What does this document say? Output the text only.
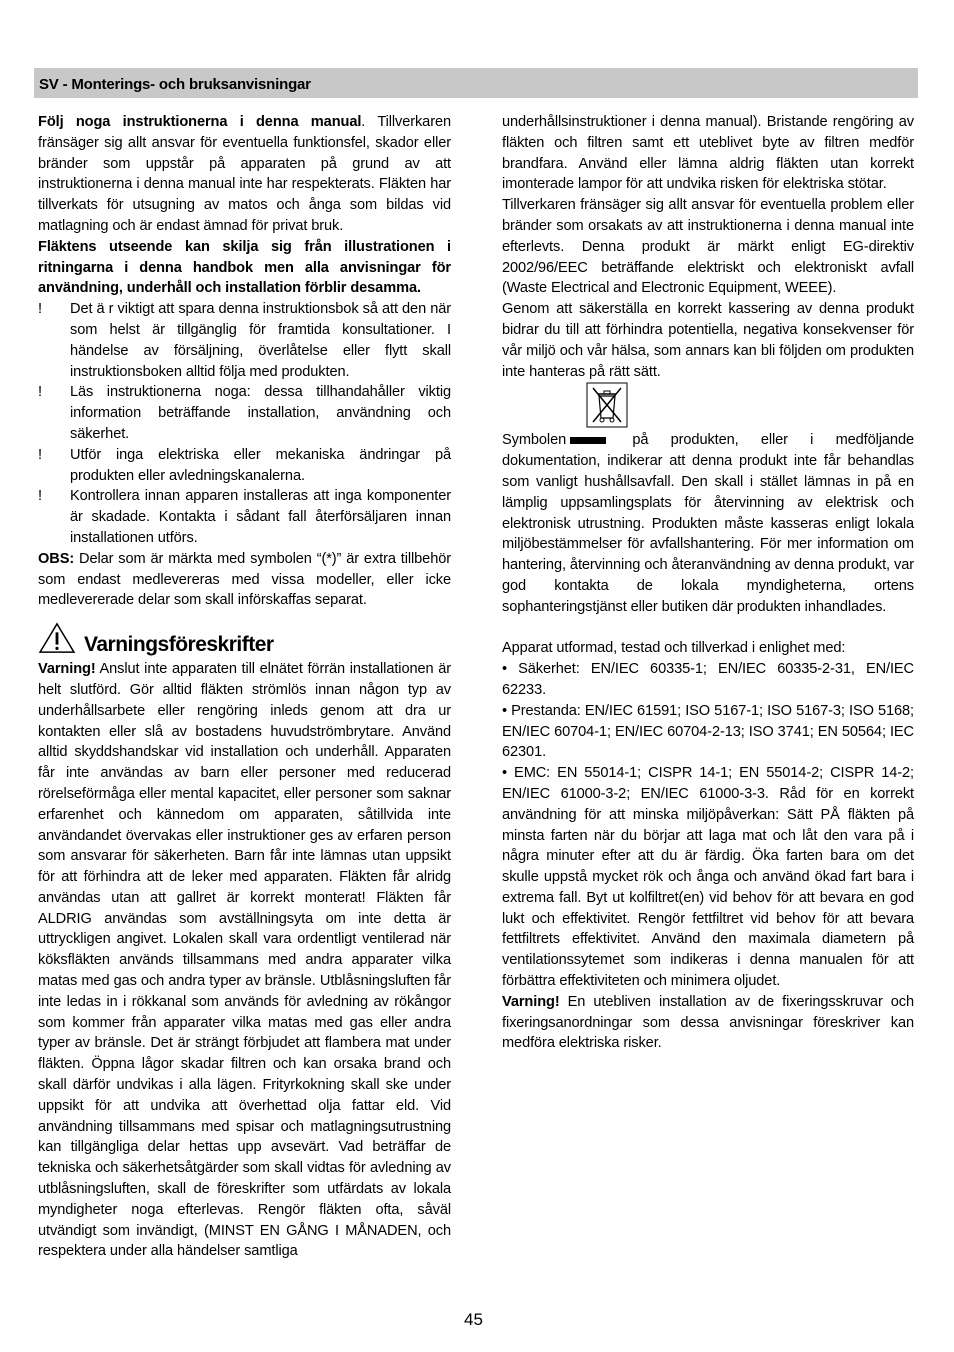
SV - Monterings- och bruksanvisningar

Följ noga instruktionerna i denna manual. Tillverkaren fränsäger sig allt ansvar för eventuella funktionsfel, skador eller bränder som uppstår på apparaten på grund av att instruktionerna i denna manual inte har respekterats. Fläkten har tillverkats för utsugning av matos och ånga som bildas vid matlagning och är endast ämnad för privat bruk.

Fläktens utseende kan skilja sig från illustrationen i ritningarna i denna handbok men alla anvisningar för användning, underhåll och installation förblir desamma.

!	Det ä r viktigt att spara denna instruktionsbok så att den när som helst är tillgänglig för framtida konsultationer. I händelse av försäljning, överlåtelse eller flytt skall instruktionsboken alltid följa med produkten.
!	Läs instruktionerna noga: dessa tillhandahåller viktig information beträffande installation, användning och säkerhet.
!	Utför inga elektriska eller mekaniska ändringar på produkten eller avledningskanalerna.
!	Kontrollera innan apparen installeras att inga komponenter är skadade. Kontakta i sådant fall återförsäljaren innan installationen utförs.

OBS: Delar som är märkta med symbolen “(*)” är extra tillbehör som endast medlevereras med vissa modeller, eller icke medlevererade delar som skall införskaffas separat.

Varningsföreskrifter

Varning! Anslut inte apparaten till elnätet förrän installationen är helt slutförd. Gör alltid fläkten strömlös innan någon typ av underhållsarbete eller rengöring inleds genom att dra ur kontakten eller slå av bostadens huvudströmbrytare. Använd alltid skyddshandskar vid installation och underhåll. Apparaten får inte användas av barn eller personer med reducerad rörelseförmåga eller mental kapacitet, eller personer som saknar erfarenhet och kännedom om apparaten, såtillvida inte användandet övervakas eller instruktioner ges av erfaren person som ansvarar för säkerheten. Barn får inte lämnas utan uppsikt för att förhindra att de leker med apparaten. Fläkten får alridg användas utan att gallret är korrekt monterat! Fläkten får ALDRIG användas som avställningsyta om inte detta är uttryckligen angivet. Lokalen skall vara ordentligt ventilerad när köksfläkten används tillsammans med andra apparater vilka matas med gas och andra typer av bränsle. Utblåsningsluften får inte ledas in i rökkanal som används för avledning av rökångor som kommer från apparater vilka matas med gas eller andra typer av bränsle. Det är strängt förbjudet att flambera mat under fläkten. Öppna lågor skadar filtren och kan orsaka brand och skall därför undvikas i alla lägen. Frityrkokning skall ske under uppsikt för att undvika att överhettad olja fattar eld. Vid användning tillsammans med spisar och matlagningsutrustning kan tillgängliga delar hettas upp avsevärt. Vad beträffar de tekniska och säkerhetsåtgärder som skall vidtas för avledning av utblåsningsluften, skall de föreskrifter som utfärdats av lokala myndigheter noga efterlevas. Rengör fläkten ofta, såväl utvändigt som invändigt, (MINST EN GÅNG I MÅNADEN, och respektera under alla händelser samtliga

underhållsinstruktioner i denna manual). Bristande rengöring av fläkten och filtren samt ett uteblivet byte av filtren medför brandfara. Använd eller lämna aldrig fläkten utan korrekt imonterade lampor för att undvika risken för elektriska stötar.

Tillverkaren fränsäger sig allt ansvar för eventuella problem eller bränder som orsakats av att instruktionerna i denna manual inte efterlevts. Denna produkt är märkt enligt EG-direktiv 2002/96/EEC beträffande elektriskt och elektroniskt avfall (Waste Electrical and Electronic Equipment, WEEE).

Genom att säkerställa en korrekt kassering av denna produkt bidrar du till att förhindra potentiella, negativa konsekvenser för vår miljö och vår hälsa, som annars kan bli följden om produkten inte hanteras på rätt sätt.

Symbolen	på produkten, eller i medföljande dokumentation, indikerar att denna produkt inte får behandlas som vanligt hushållsavfall. Den skall i stället lämnas in på en lämplig uppsamlingsplats för återvinning av elektrisk och elektronisk utrustning. Produkten måste kasseras enligt lokala miljöbestämmelser för avfallshantering. För mer information om hantering, återvinning och återanvändning av denna produkt, var god kontakta de lokala myndigheterna, ortens sophanteringstjänst eller butiken där produkten inhandlades.

Apparat utformad, testad och tillverkad i enlighet med:

• Säkerhet: EN/IEC 60335-1; EN/IEC 60335-2-31, EN/IEC 62233.

• Prestanda: EN/IEC 61591; ISO 5167-1; ISO 5167-3; ISO 5168; EN/IEC 60704-1; EN/IEC 60704-2-13; ISO 3741; EN 50564; IEC 62301.

• EMC: EN 55014-1; CISPR 14-1; EN 55014-2; CISPR 14-2; EN/IEC 61000-3-2; EN/IEC 61000-3-3. Råd för en korrekt användning för att minska miljöpåverkan: Sätt PÅ fläkten på minsta farten när du börjar att laga mat och låt den vara på i några minuter efter att du är färdig. Öka farten bara om det skulle uppstå mycket rök och ånga och använd ökad fart bara i extrema fall. Byt ut kolfiltret(en) vid behov för att bevara en god lukt och effektivitet. Rengör fettfiltret vid behov för att bevara fettfiltrets effektivitet. Använd den maximala diametern på ventilationssytemet som indikeras i denna manualen för att förbättra effektiviteten och minimera oljudet.

Varning! En utebliven installation av de fixeringsskruvar och fixeringsanordningar som dessa anvisningar föreskriver kan medföra elektriska risker.

45
